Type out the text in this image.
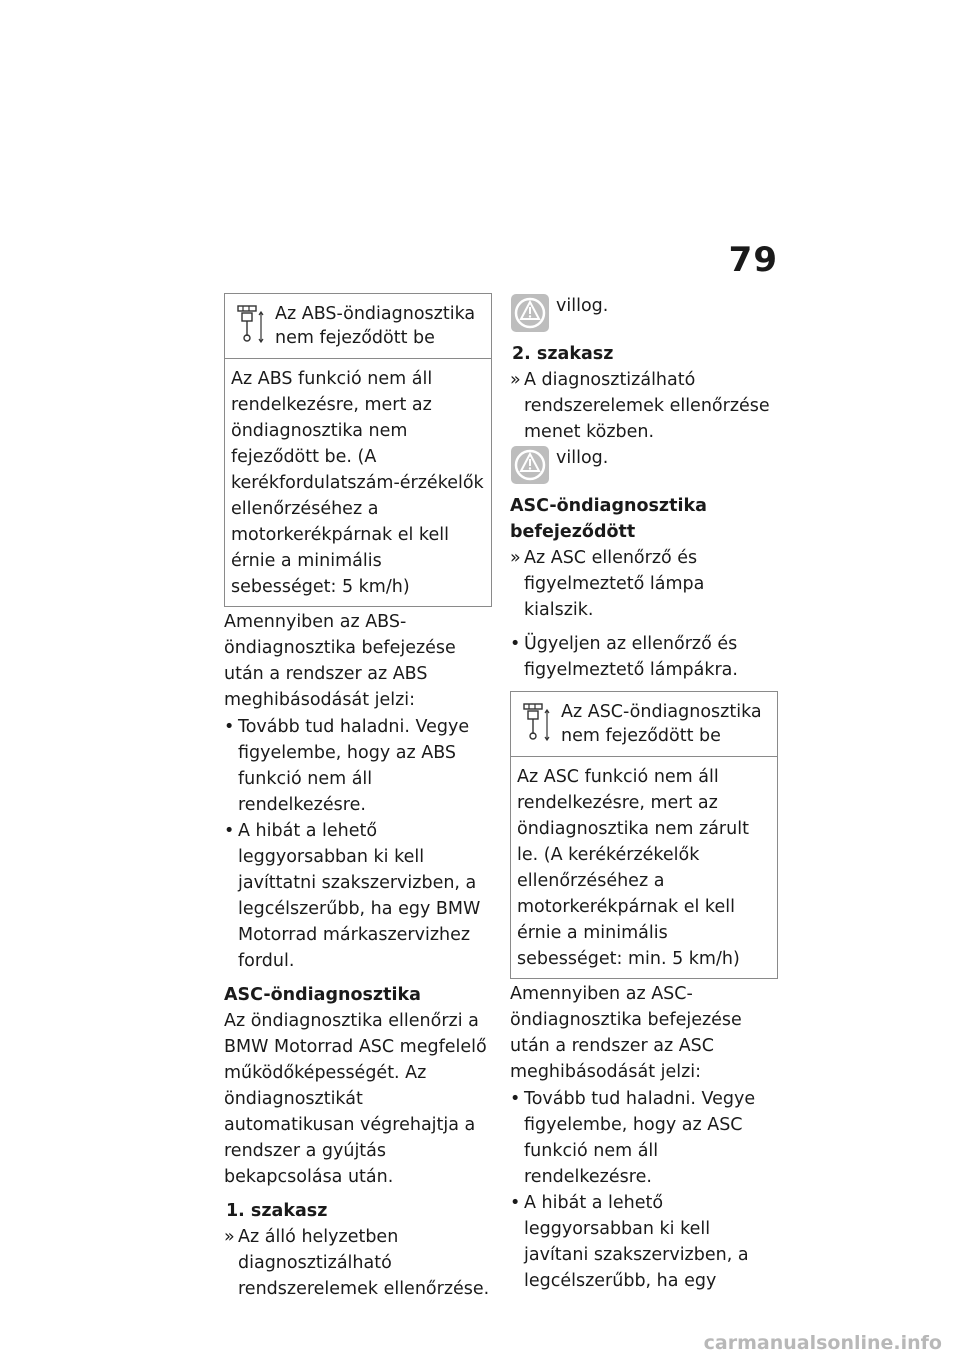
79
Az ABS-öndiagnosztika nem fejeződött be
Az ABS funkció nem áll rendelkezésre, mert az öndiagnosztika nem fejeződött be. (A kerékfordulatszám-érzékelők ellenőrzéséhez a motorkerékpárnak el kell érnie a minimális sebességet: 5 km/h)
Amennyiben az ABS-öndiagnosztika befejezése után a rendszer az ABS meghibásodását jelzi:
• Tovább tud haladni. Vegye figyelembe, hogy az ABS funkció nem áll rendelkezésre.
• A hibát a lehető leggyorsabban ki kell javíttatni szakszervizben, a legcélszerűbb, ha egy BMW Motorrad márkaszervizhez fordul.
ASC-öndiagnosztika
Az öndiagnosztika ellenőrzi a BMW Motorrad ASC megfelelő működőképességét. Az öndiagnosztikát automatikusan végrehajtja a rendszer a gyújtás bekapcsolása után.
1. szakasz
» Az álló helyzetben diagnosztizálható rendszerelemek ellenőrzése.
villog.
2. szakasz
» A diagnosztizálható rendszerelemek ellenőrzése menet közben.
villog.
ASC-öndiagnosztika befejeződött
» Az ASC ellenőrző és figyelmeztető lámpa kialszik.
• Ügyeljen az ellenőrző és figyelmeztető lámpákra.
Az ASC-öndiagnosztika nem fejeződött be
Az ASC funkció nem áll rendelkezésre, mert az öndiagnosztika nem zárult le. (A kerékérzékelők ellenőrzéséhez a motorkerékpárnak el kell érnie a minimális sebességet: min. 5 km/h)
Amennyiben az ASC-öndiagnosztika befejezése után a rendszer az ASC meghibásodását jelzi:
• Tovább tud haladni. Vegye figyelembe, hogy az ASC funkció nem áll rendelkezésre.
• A hibát a lehető leggyorsabban ki kell javítani szakszervizben, a legcélszerűbb, ha egy
carmanualsonline.info
